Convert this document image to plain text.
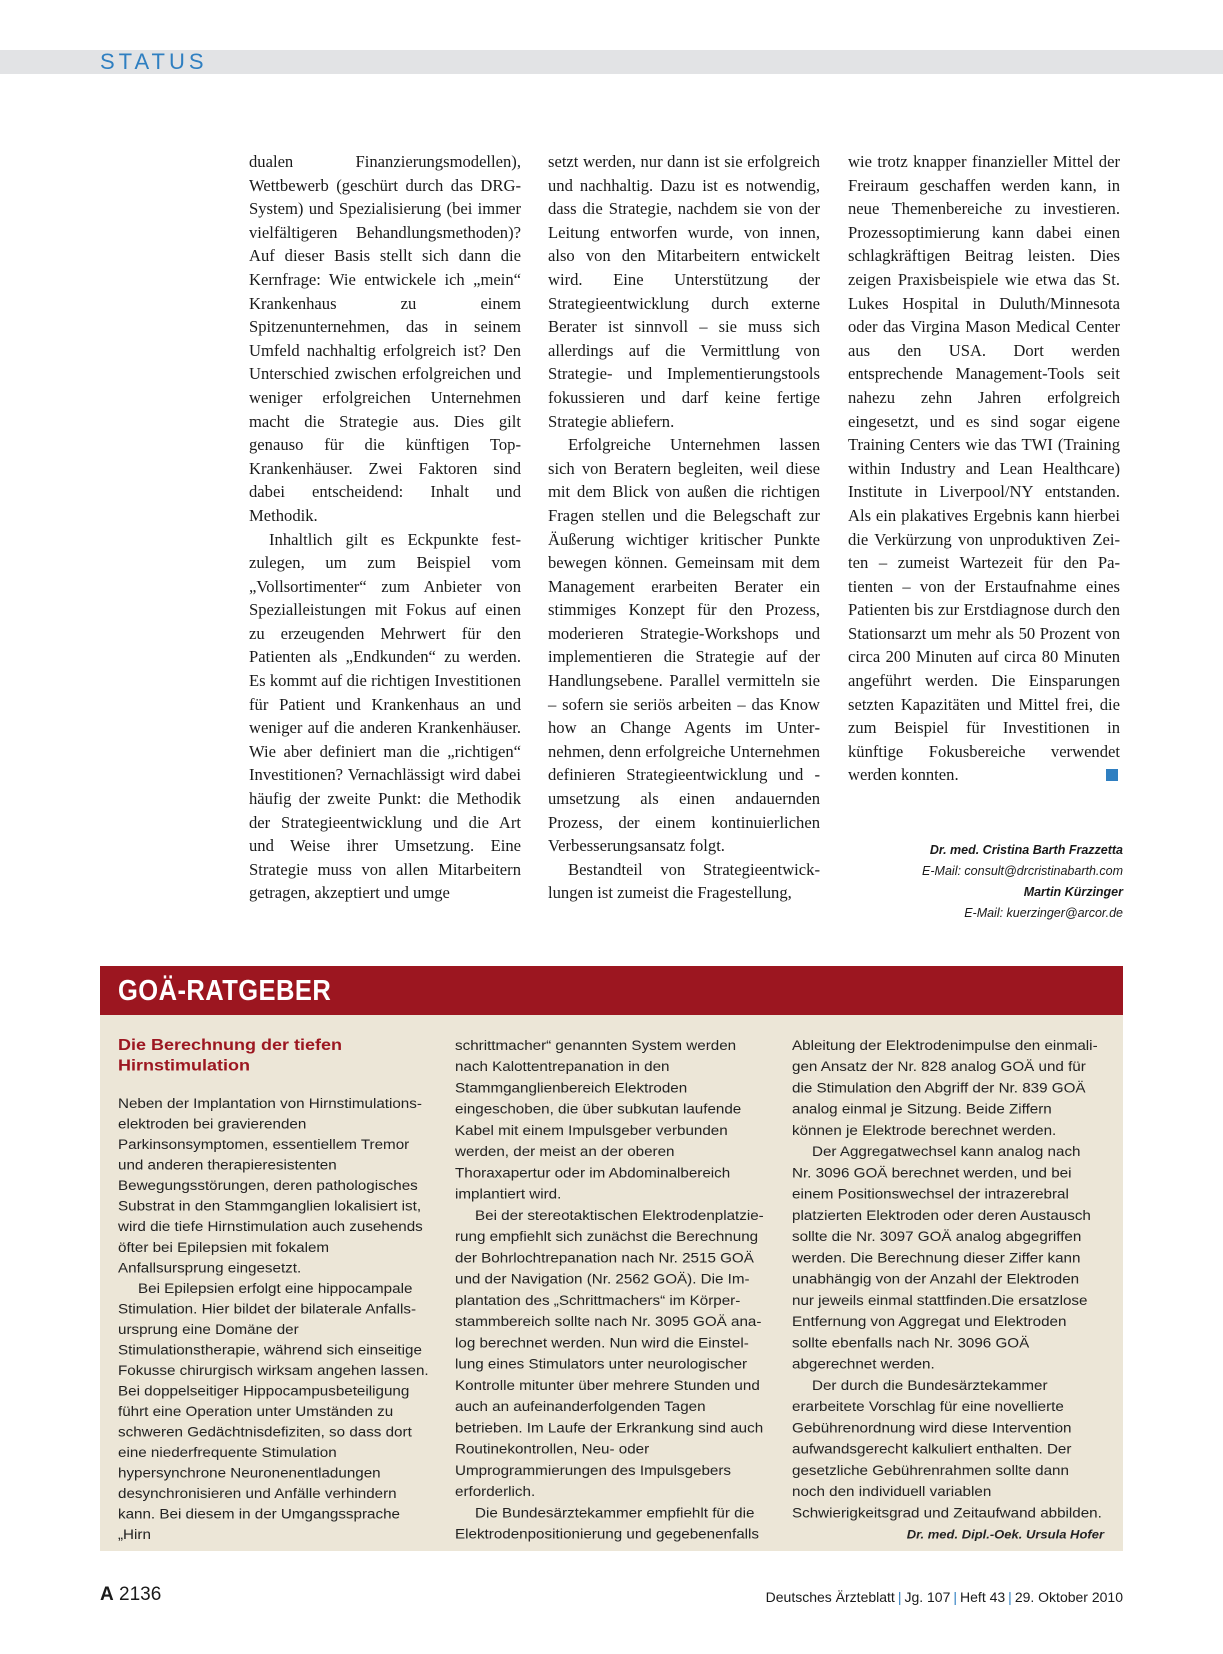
STATUS

dualen Finanzierungsmodellen), Wettbewerb (geschürt durch das DRG-System) und Spezialisierung (bei immer vielfältigeren Behandlungsmethoden)? Auf dieser Basis stellt sich dann die Kernfrage: Wie entwickele ich „mein“ Krankenhaus zu einem Spitzenunternehmen, das in seinem Umfeld nachhaltig erfolgreich ist? Den Unterschied zwischen erfolgreichen und weniger erfolgreichen Unternehmen macht die Strategie aus. Dies gilt genauso für die künftigen Top-Krankenhäuser. Zwei Faktoren sind dabei entscheidend: Inhalt und Methodik.

Inhaltlich gilt es Eckpunkte festzulegen, um zum Beispiel vom „Vollsortimenter“ zum Anbieter von Spezialleistungen mit Fokus auf einen zu erzeugenden Mehrwert für den Patienten als „Endkunden“ zu werden. Es kommt auf die richtigen Investitionen für Patient und Krankenhaus an und weniger auf die anderen Krankenhäuser. Wie aber definiert man die „richtigen“ Investitionen? Vernachlässigt wird dabei häufig der zweite Punkt: die Methodik der Strategieentwicklung und die Art und Weise ihrer Umsetzung. Eine Strategie muss von allen Mitarbeitern getragen, akzeptiert und umge

setzt werden, nur dann ist sie erfolgreich und nachhaltig. Dazu ist es notwendig, dass die Strategie, nachdem sie von der Leitung entworfen wurde, von innen, also von den Mitarbeitern entwickelt wird. Eine Unterstützung der Strategieentwicklung durch externe Berater ist sinnvoll – sie muss sich allerdings auf die Vermittlung von Strategie- und Implementierungstools fokussieren und darf keine fertige Strategie abliefern.

Erfolgreiche Unternehmen lassen sich von Beratern begleiten, weil diese mit dem Blick von außen die richtigen Fragen stellen und die Belegschaft zur Äußerung wichtiger kritischer Punkte bewegen können. Gemeinsam mit dem Management erarbeiten Berater ein stimmiges Konzept für den Prozess, moderieren Strategie-Workshops und implementieren die Strategie auf der Handlungsebene. Parallel vermitteln sie – sofern sie seriös arbeiten – das Know how an Change Agents im Unternehmen, denn erfolgreiche Unternehmen definieren Strategieentwicklung und -umsetzung als einen andauernden Prozess, der einem kontinuierlichen Verbesserungsansatz folgt.

Bestandteil von Strategieentwicklungen ist zumeist die Fragestellung,

wie trotz knapper finanzieller Mittel der Freiraum geschaffen werden kann, in neue Themenbereiche zu investieren. Prozessoptimierung kann dabei einen schlagkräftigen Beitrag leisten. Dies zeigen Praxisbeispiele wie etwa das St. Lukes Hospital in Duluth/Minnesota oder das Virgina Mason Medical Center aus den USA. Dort werden entsprechende Management-Tools seit nahezu zehn Jahren erfolgreich eingesetzt, und es sind sogar eigene Training Centers wie das TWI (Training within Industry and Lean Healthcare) Institute in Liverpool/NY entstanden. Als ein plakatives Ergebnis kann hierbei die Verkürzung von unproduktiven Zeiten – zumeist Wartezeit für den Patienten – von der Erstaufnahme eines Patienten bis zur Erstdiagnose durch den Stationsarzt um mehr als 50 Prozent von circa 200 Minuten auf circa 80 Minuten angeführt werden. Die Einsparungen setzten Kapazitäten und Mittel frei, die zum Beispiel für Investitionen in künftige Fokusbereiche verwendet werden konnten.

Dr. med. Cristina Barth Frazzetta
E-Mail: consult@drcristinabarth.com
Martin Kürzinger
E-Mail: kuerzinger@arcor.de
GOÄ-RATGEBER

Die Berechnung der tiefen Hirnstimulation

Neben der Implantation von Hirnstimulationselektroden bei gravierenden Parkinsonsymptomen, essentiellem Tremor und anderen therapieresistenten Bewegungsstörungen, deren pathologisches Substrat in den Stammganglien lokalisiert ist, wird die tiefe Hirnstimulation auch zusehends öfter bei Epilepsien mit fokalem Anfallsursprung eingesetzt.

Bei Epilepsien erfolgt eine hippocampale Stimulation. Hier bildet der bilaterale Anfallsursprung eine Domäne der Stimulationstherapie, während sich einseitige Fokusse chirurgisch wirksam angehen lassen. Bei doppelseitiger Hippocampusbeteiligung führt eine Operation unter Umständen zu schweren Gedächtnisdefiziten, so dass dort eine niederfrequente Stimulation hypersynchrone Neuronenentladungen desynchronisieren und Anfälle verhindern kann. Bei diesem in der Umgangssprache „Hirn

schrittmacher“ genannten System werden nach Kalottentrepanation in den Stammganglienbereich Elektroden eingeschoben, die über subkutan laufende Kabel mit einem Impulsgeber verbunden werden, der meist an der oberen Thoraxapertur oder im Abdominalbereich implantiert wird.

Bei der stereotaktischen Elektrodenplatzierung empfiehlt sich zunächst die Berechnung der Bohrlochtrepanation nach Nr. 2515 GOÄ und der Navigation (Nr. 2562 GOÄ). Die Implantation des „Schrittmachers“ im Körperstammbereich sollte nach Nr. 3095 GOÄ analog berechnet werden. Nun wird die Einstellung eines Stimulators unter neurologischer Kontrolle mitunter über mehrere Stunden und auch an aufeinanderfolgenden Tagen betrieben. Im Laufe der Erkrankung sind auch Routinekontrollen, Neu- oder Umprogrammierungen des Impulsgebers erforderlich.

Die Bundesärztekammer empfiehlt für die Elektrodenpositionierung und gegebenenfalls

Ableitung der Elektrodenimpulse den einmaligen Ansatz der Nr. 828 analog GOÄ und für die Stimulation den Abgriff der Nr. 839 GOÄ analog einmal je Sitzung. Beide Ziffern können je Elektrode berechnet werden.

Der Aggregatwechsel kann analog nach Nr. 3096 GOÄ berechnet werden, und bei einem Positionswechsel der intrazerebral platzierten Elektroden oder deren Austausch sollte die Nr. 3097 GOÄ analog abgegriffen werden. Die Berechnung dieser Ziffer kann unabhängig von der Anzahl der Elektroden nur jeweils einmal stattfinden.Die ersatzlose Entfernung von Aggregat und Elektroden sollte ebenfalls nach Nr. 3096 GOÄ abgerechnet werden.

Der durch die Bundesärztekammer erarbeitete Vorschlag für eine novellierte Gebührenordnung wird diese Intervention aufwandsgerecht kalkuliert enthalten. Der gesetzliche Gebührenrahmen sollte dann noch den individuell variablen Schwierigkeitsgrad und Zeitaufwand abbilden.
Dr. med. Dipl.-Oek. Ursula Hofer

A 2136	Deutsches Ärzteblatt | Jg. 107 | Heft 43 | 29. Oktober 2010
